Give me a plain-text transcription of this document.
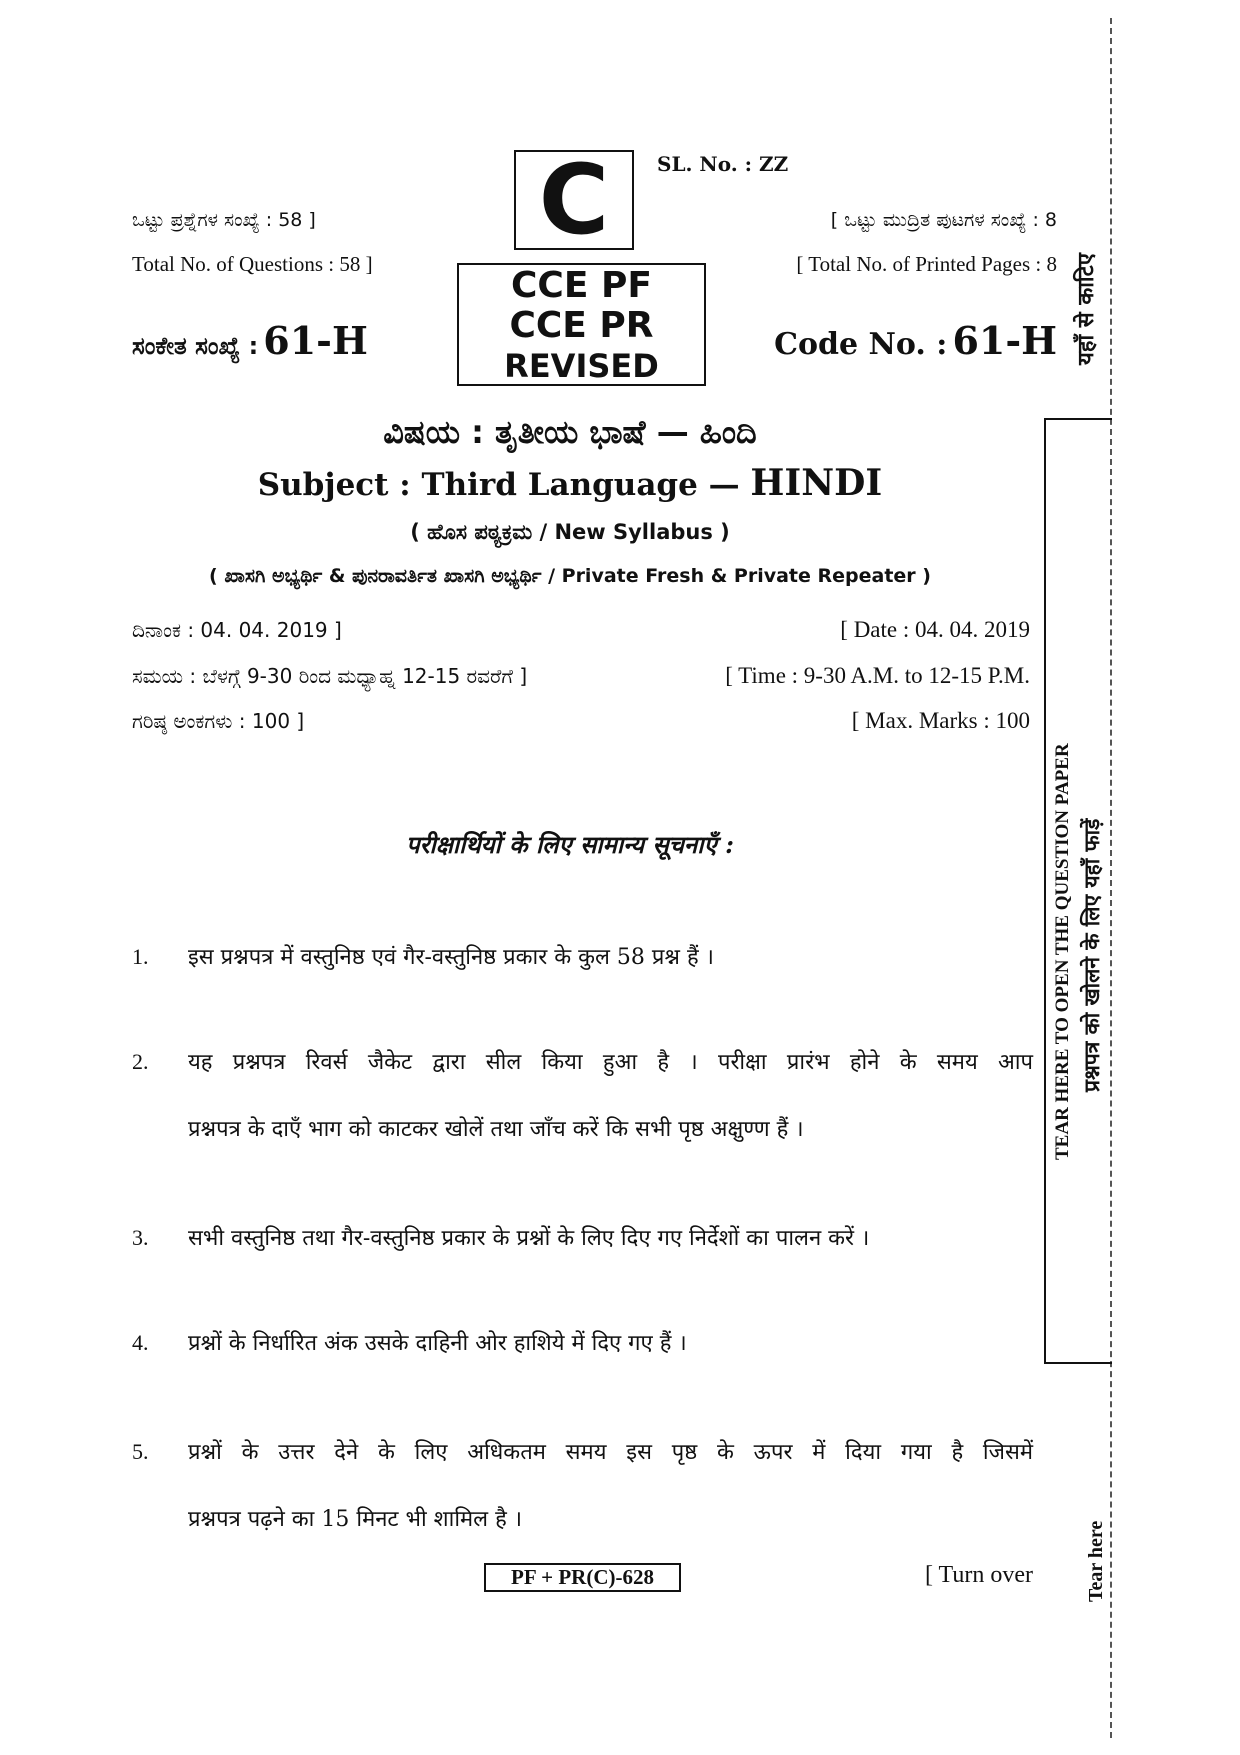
C SL. No. : ZZ
ಒಟ್ಟು ಪ್ರಶ್ನೆಗಳ ಸಂಖ್ಯೆ : 58 ]
Total No. of Questions : 58 ]
[ ಒಟ್ಟು ಮುದ್ರಿತ ಪುಟಗಳ ಸಂಖ್ಯೆ : 8
[ Total No. of Printed Pages : 8
CCE PF
CCE PR
REVISED
ಸಂಕೇತ ಸಂಖ್ಯೆ : 61-H	Code No. : 61-H
ವಿಷಯ : ತೃತೀಯ ಭಾಷೆ — ಹಿಂದಿ
Subject : Third Language — HINDI
( ಹೊಸ ಪಠ್ಯಕ್ರಮ / New Syllabus )
( ಖಾಸಗಿ ಅಭ್ಯರ್ಥಿ & ಪುನರಾವರ್ತಿತ ಖಾಸಗಿ ಅಭ್ಯರ್ಥಿ / Private Fresh & Private Repeater )
ದಿನಾಂಕ : 04. 04. 2019 ]	[ Date : 04. 04. 2019
ಸಮಯ : ಬೆಳಗ್ಗೆ 9-30 ರಿಂದ ಮಧ್ಯಾಹ್ನ 12-15 ರವರೆಗೆ ]	[ Time : 9-30 A.M. to 12-15 P.M.
ಗರಿಷ್ಠ ಅಂಕಗಳು : 100 ]	[ Max. Marks : 100
परीक्षार्थियों के लिए सामान्य सूचनाएँ :
1. इस प्रश्नपत्र में वस्तुनिष्ठ एवं गैर-वस्तुनिष्ठ प्रकार के कुल 58 प्रश्न हैं ।
2. यह प्रश्नपत्र रिवर्स जैकेट द्वारा सील किया हुआ है । परीक्षा प्रारंभ होने के समय आप
प्रश्नपत्र के दाएँ भाग को काटकर खोलें तथा जाँच करें कि सभी पृष्ठ अक्षुण्ण हैं ।
3. सभी वस्तुनिष्ठ तथा गैर-वस्तुनिष्ठ प्रकार के प्रश्नों के लिए दिए गए निर्देशों का पालन करें ।
4. प्रश्नों के निर्धारित अंक उसके दाहिनी ओर हाशिये में दिए गए हैं ।
5. प्रश्नों के उत्तर देने के लिए अधिकतम समय इस पृष्ठ के ऊपर में दिया गया है जिसमें
प्रश्नपत्र पढ़ने का 15 मिनट भी शामिल है ।
PF + PR(C)-628	[ Turn over
यहाँ से काटिए
TEAR HERE TO OPEN THE QUESTION PAPER प्रश्नपत्र को खोलने के लिए यहाँ फाड़ें
Tear here
